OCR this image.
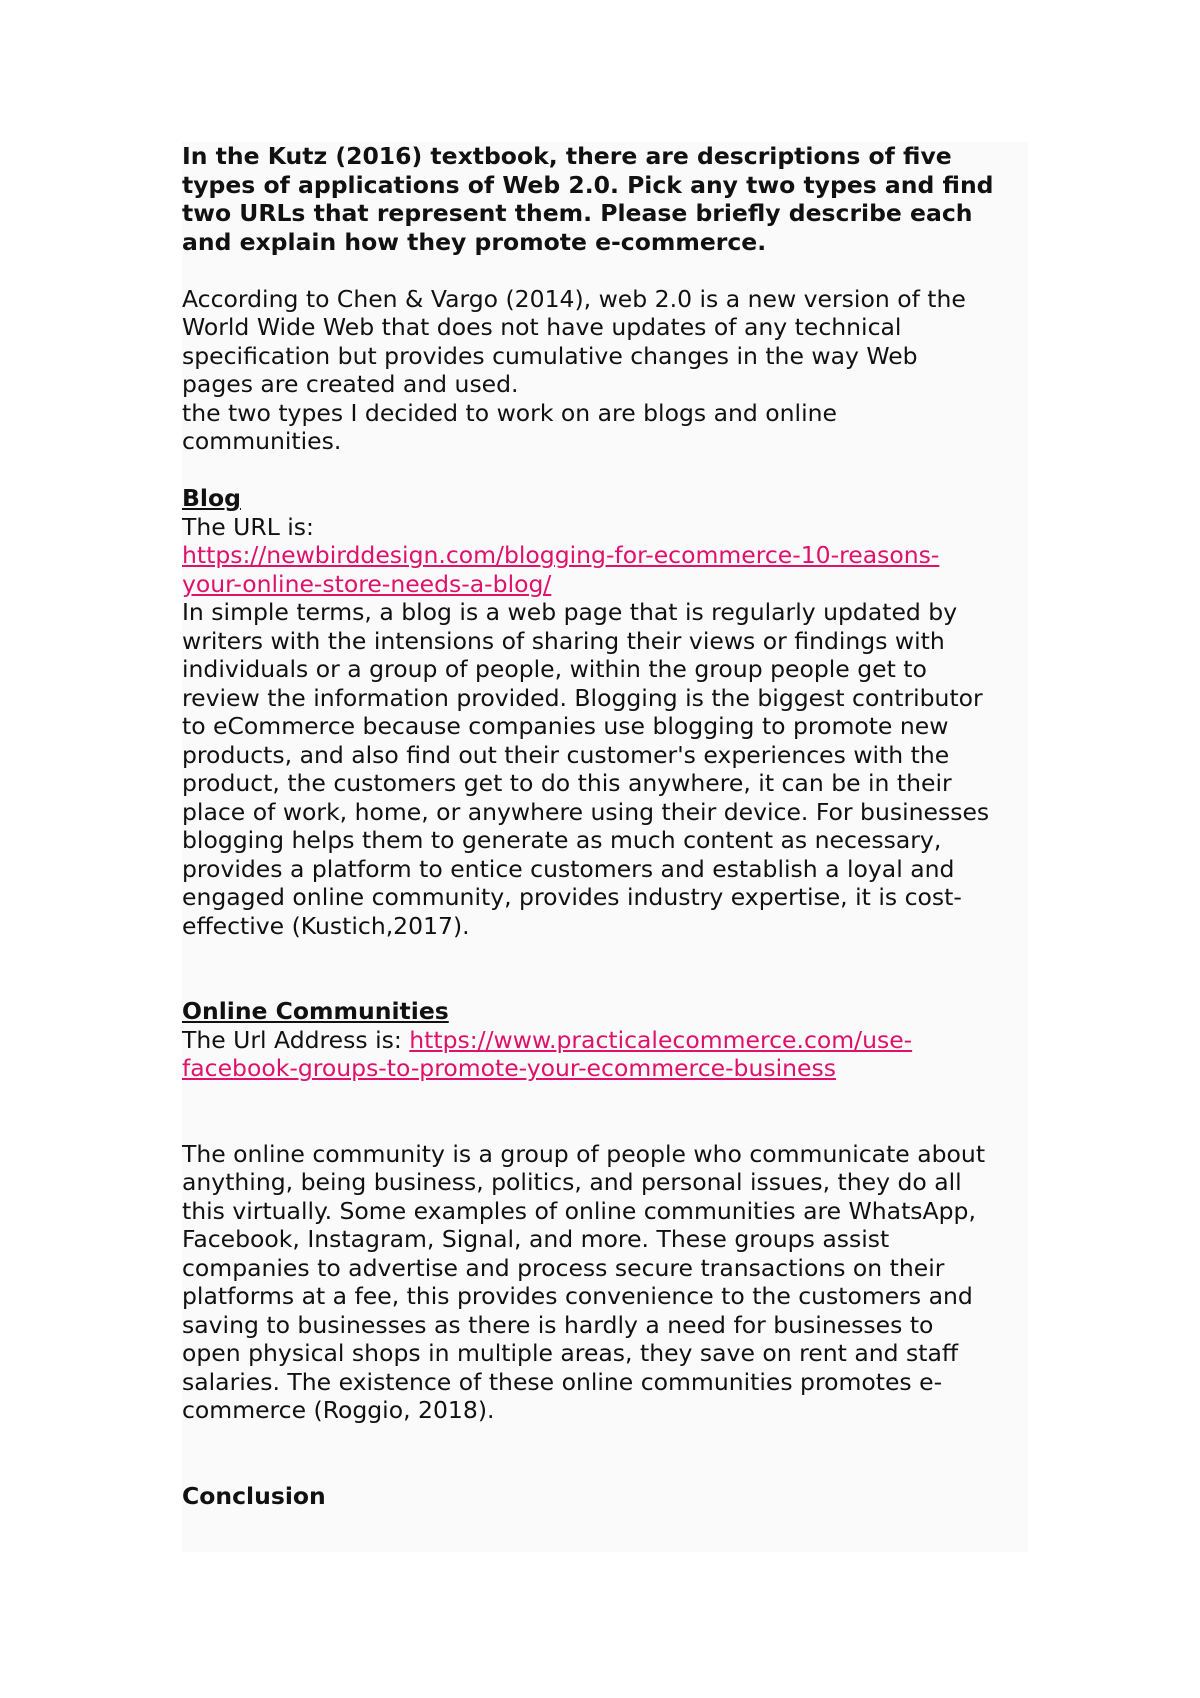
In the Kutz (2016) textbook, there are descriptions of five
types of applications of Web 2.0. Pick any two types and find
two URLs that represent them. Please briefly describe each
and explain how they promote e-commerce.
According to Chen & Vargo (2014), web 2.0 is a new version of the
World Wide Web that does not have updates of any technical
specification but provides cumulative changes in the way Web
pages are created and used.
the two types I decided to work on are blogs and online
communities.
Blog
The URL is:
https://newbirddesign.com/blogging-for-ecommerce-10-reasons-
your-online-store-needs-a-blog/
In simple terms, a blog is a web page that is regularly updated by
writers with the intensions of sharing their views or findings with
individuals or a group of people, within the group people get to
review the information provided. Blogging is the biggest contributor
to eCommerce because companies use blogging to promote new
products, and also find out their customer's experiences with the
product, the customers get to do this anywhere, it can be in their
place of work, home, or anywhere using their device. For businesses
blogging helps them to generate as much content as necessary,
provides a platform to entice customers and establish a loyal and
engaged online community, provides industry expertise, it is cost-
effective (Kustich,2017).
Online Communities
The Url Address is: https://www.practicalecommerce.com/use-
facebook-groups-to-promote-your-ecommerce-business
The online community is a group of people who communicate about
anything, being business, politics, and personal issues, they do all
this virtually. Some examples of online communities are WhatsApp,
Facebook, Instagram, Signal, and more. These groups assist
companies to advertise and process secure transactions on their
platforms at a fee, this provides convenience to the customers and
saving to businesses as there is hardly a need for businesses to
open physical shops in multiple areas, they save on rent and staff
salaries. The existence of these online communities promotes e-
commerce (Roggio, 2018).
Conclusion
